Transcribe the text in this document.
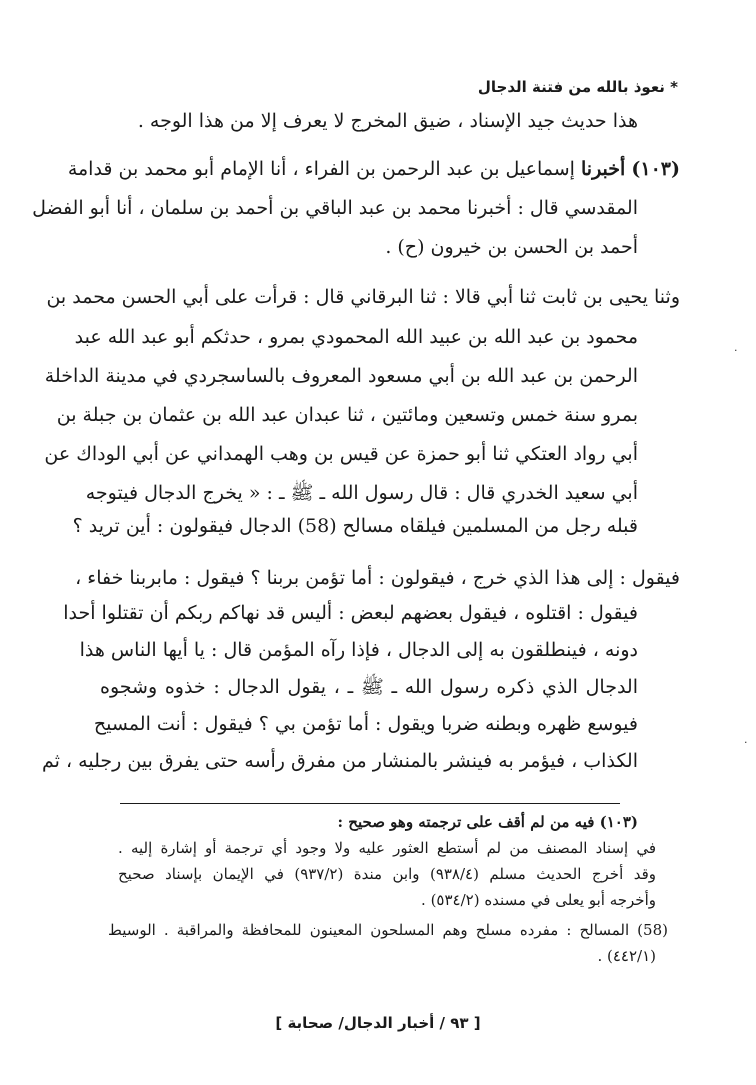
* نعوذ بالله من فتنة الدجال
هذا حديث جيد الإسناد ، ضيق المخرج لا يعرف إلا من هذا الوجه .
(١٠٣) أخبرنا إسماعيل بن عبد الرحمن بن الفراء ، أنا الإمام أبو محمد بن قدامة
المقدسي قال : أخبرنا محمد بن عبد الباقي بن أحمد بن سلمان ، أنا أبو الفضل
أحمد بن الحسن بن خيرون (ح) .
وثنا يحيى بن ثابت ثنا أبي قالا : ثنا البرقاني قال : قرأت على أبي الحسن محمد بن
محمود بن عبد الله بن عبيد الله المحمودي بمرو ، حدثكم أبو عبد الله عبد
الرحمن بن عبد الله بن أبي مسعود المعروف بالساسجردي في مدينة الداخلة
بمرو سنة خمس وتسعين ومائتين ، ثنا عبدان عبد الله بن عثمان بن جبلة بن
أبي رواد العتكي ثنا أبو حمزة عن قيس بن وهب الهمداني عن أبي الوداك عن
أبي سعيد الخدري قال : قال رسول الله ـ ﷺ ـ : « يخرج الدجال فيتوجه
قبله رجل من المسلمين فيلقاه مسالح (58) الدجال فيقولون : أين تريد ؟
فيقول : إلى هذا الذي خرج ، فيقولون : أما تؤمن بربنا ؟ فيقول : مابربنا خفاء ،
فيقول : اقتلوه ، فيقول بعضهم لبعض : أليس قد نهاكم ربكم أن تقتلوا أحدا
دونه ، فينطلقون به إلى الدجال ، فإذا رآه المؤمن قال : يا أيها الناس هذا
الدجال الذي ذكره رسول الله ـ ﷺ ـ ، يقول الدجال : خذوه وشجوه
فيوسع ظهره وبطنه ضربا ويقول : أما تؤمن بي ؟ فيقول : أنت المسيح
الكذاب ، فيؤمر به فينشر بالمنشار من مفرق رأسه حتى يفرق بين رجليه ، ثم
(١٠٣) فيه من لم أقف على ترجمته وهو صحيح :
في إسناد المصنف من لم أستطع العثور عليه ولا وجود أي ترجمة أو إشارة إليه .
وقد أخرج الحديث مسلم (٩٣٨/٤) وابن مندة (٩٣٧/٢) في الإيمان بإسناد صحيح
وأخرجه أبو يعلى في مسنده (٥٣٤/٢) .
(58) المسالح : مفرده مسلح وهم المسلحون المعينون للمحافظة والمراقبة . الوسيط
(٤٤٢/١) .
[ ٩٣ / أخبار الدجال/ صحابة ]
·
·
